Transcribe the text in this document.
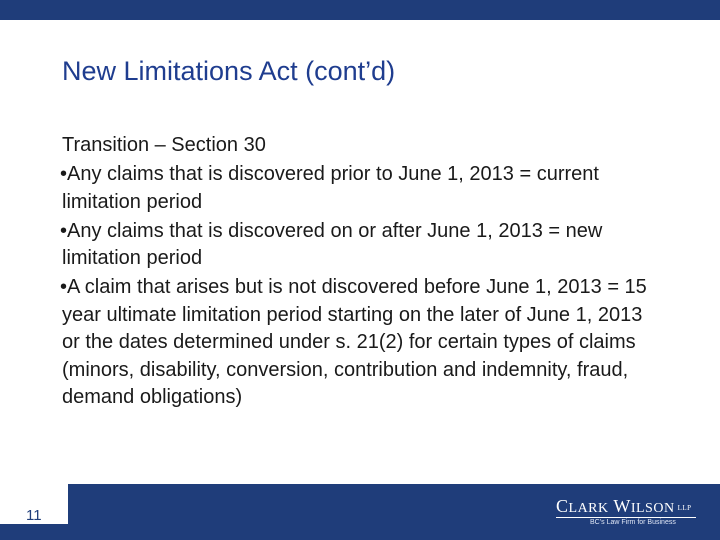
New Limitations Act (cont’d)

Transition – Section 30

•Any claims that is discovered prior to June 1, 2013 = current limitation period

•Any claims that is discovered on or after June 1, 2013 = new limitation period

•A claim that arises but is not discovered before June 1, 2013 = 15 year ultimate limitation period starting on the later of June 1, 2013 or the dates determined under s. 21(2) for certain types of claims (minors, disability, conversion, contribution and indemnity, fraud, demand obligations)

11	CLARK WILSON LLP
BC’s Law Firm for Business
